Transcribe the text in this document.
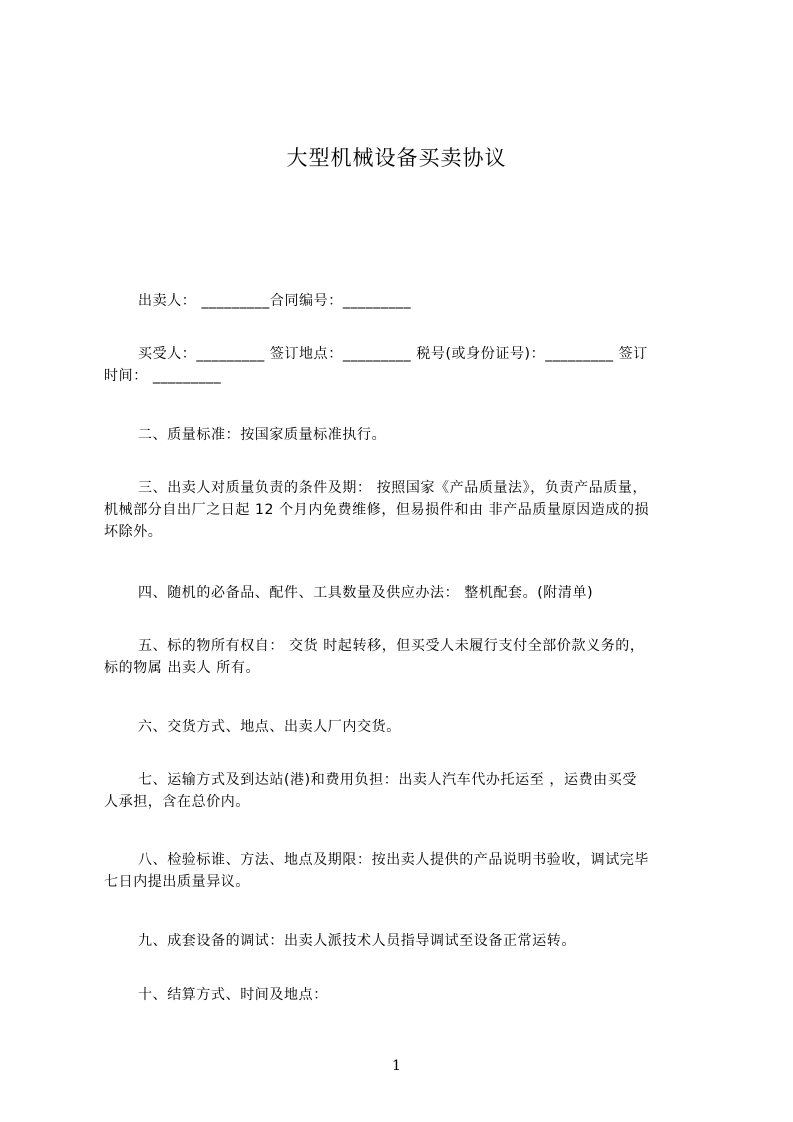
大型机械设备买卖协议
出卖人： _________合同编号：_________
买受人：_________ 签订地点：_________ 税号(或身份证号)：_________ 签订
时间： _________
二、质量标准：按国家质量标准执行。
三、出卖人对质量负责的条件及期： 按照国家《产品质量法》，负责产品质量，
机械部分自出厂之日起 12 个月内免费维修，但易损件和由 非产品质量原因造成的损
坏除外。
四、随机的必备品、配件、工具数量及供应办法： 整机配套。(附清单)
五、标的物所有权自： 交货 时起转移，但买受人未履行支付全部价款义务的，
标的物属 出卖人 所有。
六、交货方式、地点、出卖人厂内交货。
七、运输方式及到达站(港)和费用负担：出卖人汽车代办托运至 ，运费由买受
人承担，含在总价内。
八、检验标谁、方法、地点及期限：按出卖人提供的产品说明书验收，调试完毕
七日内提出质量异议。
九、成套设备的调试：出卖人派技术人员指导调试至设备正常运转。
十、结算方式、时间及地点：
1
